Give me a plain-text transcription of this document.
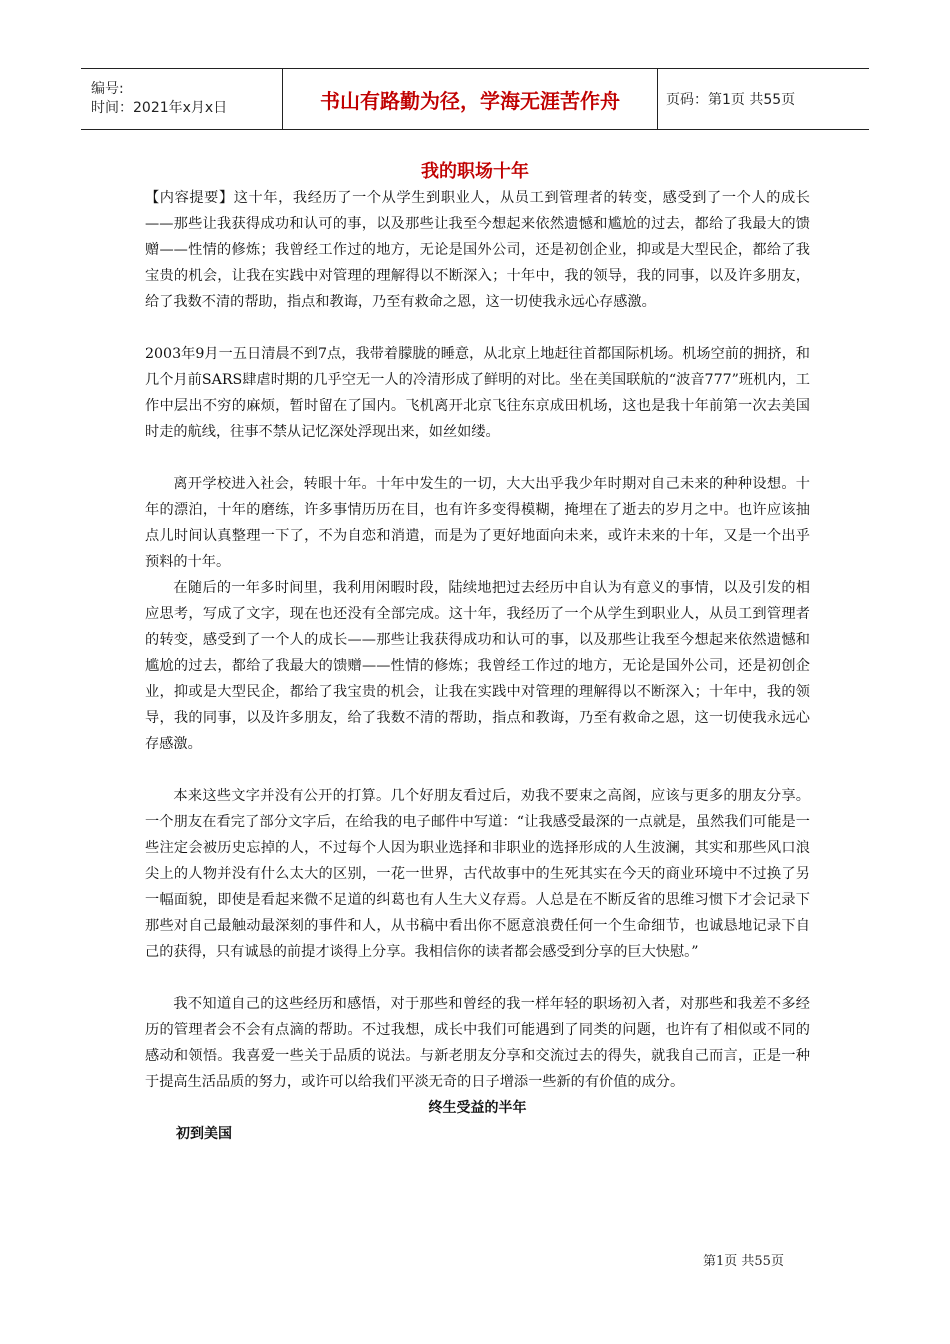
编号:
时间：2021年x月x日	书山有路勤为径，学海无涯苦作舟	页码：第1页 共55页
我的职场十年

【内容提要】这十年，我经历了一个从学生到职业人，从员工到管理者的转变，感受到了一个人的成长——那些让我获得成功和认可的事，以及那些让我至今想起来依然遗憾和尴尬的过去，都给了我最大的馈赠——性情的修炼；我曾经工作过的地方，无论是国外公司，还是初创企业，抑或是大型民企，都给了我宝贵的机会，让我在实践中对管理的理解得以不断深入；十年中，我的领导，我的同事，以及许多朋友，给了我数不清的帮助，指点和教诲，乃至有救命之恩，这一切使我永远心存感激。

2003年9月一五日清晨不到7点，我带着朦胧的睡意，从北京上地赶往首都国际机场。机场空前的拥挤，和几个月前SARS肆虐时期的几乎空无一人的冷清形成了鲜明的对比。坐在美国联航的“波音777”班机内，工作中层出不穷的麻烦，暂时留在了国内。飞机离开北京飞往东京成田机场，这也是我十年前第一次去美国时走的航线，往事不禁从记忆深处浮现出来，如丝如缕。

离开学校进入社会，转眼十年。十年中发生的一切，大大出乎我少年时期对自己未来的种种设想。十年的漂泊，十年的磨练，许多事情历历在目，也有许多变得模糊，掩埋在了逝去的岁月之中。也许应该抽点儿时间认真整理一下了，不为自恋和消遣，而是为了更好地面向未来，或许未来的十年，又是一个出乎预料的十年。

在随后的一年多时间里，我利用闲暇时段，陆续地把过去经历中自认为有意义的事情，以及引发的相应思考，写成了文字，现在也还没有全部完成。这十年，我经历了一个从学生到职业人，从员工到管理者的转变，感受到了一个人的成长——那些让我获得成功和认可的事，以及那些让我至今想起来依然遗憾和尴尬的过去，都给了我最大的馈赠——性情的修炼；我曾经工作过的地方，无论是国外公司，还是初创企业，抑或是大型民企，都给了我宝贵的机会，让我在实践中对管理的理解得以不断深入；十年中，我的领导，我的同事，以及许多朋友，给了我数不清的帮助，指点和教诲，乃至有救命之恩，这一切使我永远心存感激。

本来这些文字并没有公开的打算。几个好朋友看过后，劝我不要束之高阁，应该与更多的朋友分享。一个朋友在看完了部分文字后，在给我的电子邮件中写道：“让我感受最深的一点就是，虽然我们可能是一些注定会被历史忘掉的人，不过每个人因为职业选择和非职业的选择形成的人生波澜，其实和那些风口浪尖上的人物并没有什么太大的区别，一花一世界，古代故事中的生死其实在今天的商业环境中不过换了另一幅面貌，即使是看起来微不足道的纠葛也有人生大义存焉。人总是在不断反省的思维习惯下才会记录下那些对自己最触动最深刻的事件和人，从书稿中看出你不愿意浪费任何一个生命细节，也诚恳地记录下自己的获得，只有诚恳的前提才谈得上分享。我相信你的读者都会感受到分享的巨大快慰。”

我不知道自己的这些经历和感悟，对于那些和曾经的我一样年轻的职场初入者，对那些和我差不多经历的管理者会不会有点滴的帮助。不过我想，成长中我们可能遇到了同类的问题，也许有了相似或不同的感动和领悟。我喜爱一些关于品质的说法。与新老朋友分享和交流过去的得失，就我自己而言，正是一种于提高生活品质的努力，或许可以给我们平淡无奇的日子增添一些新的有价值的成分。

终生受益的半年
初到美国
第1页 共55页
